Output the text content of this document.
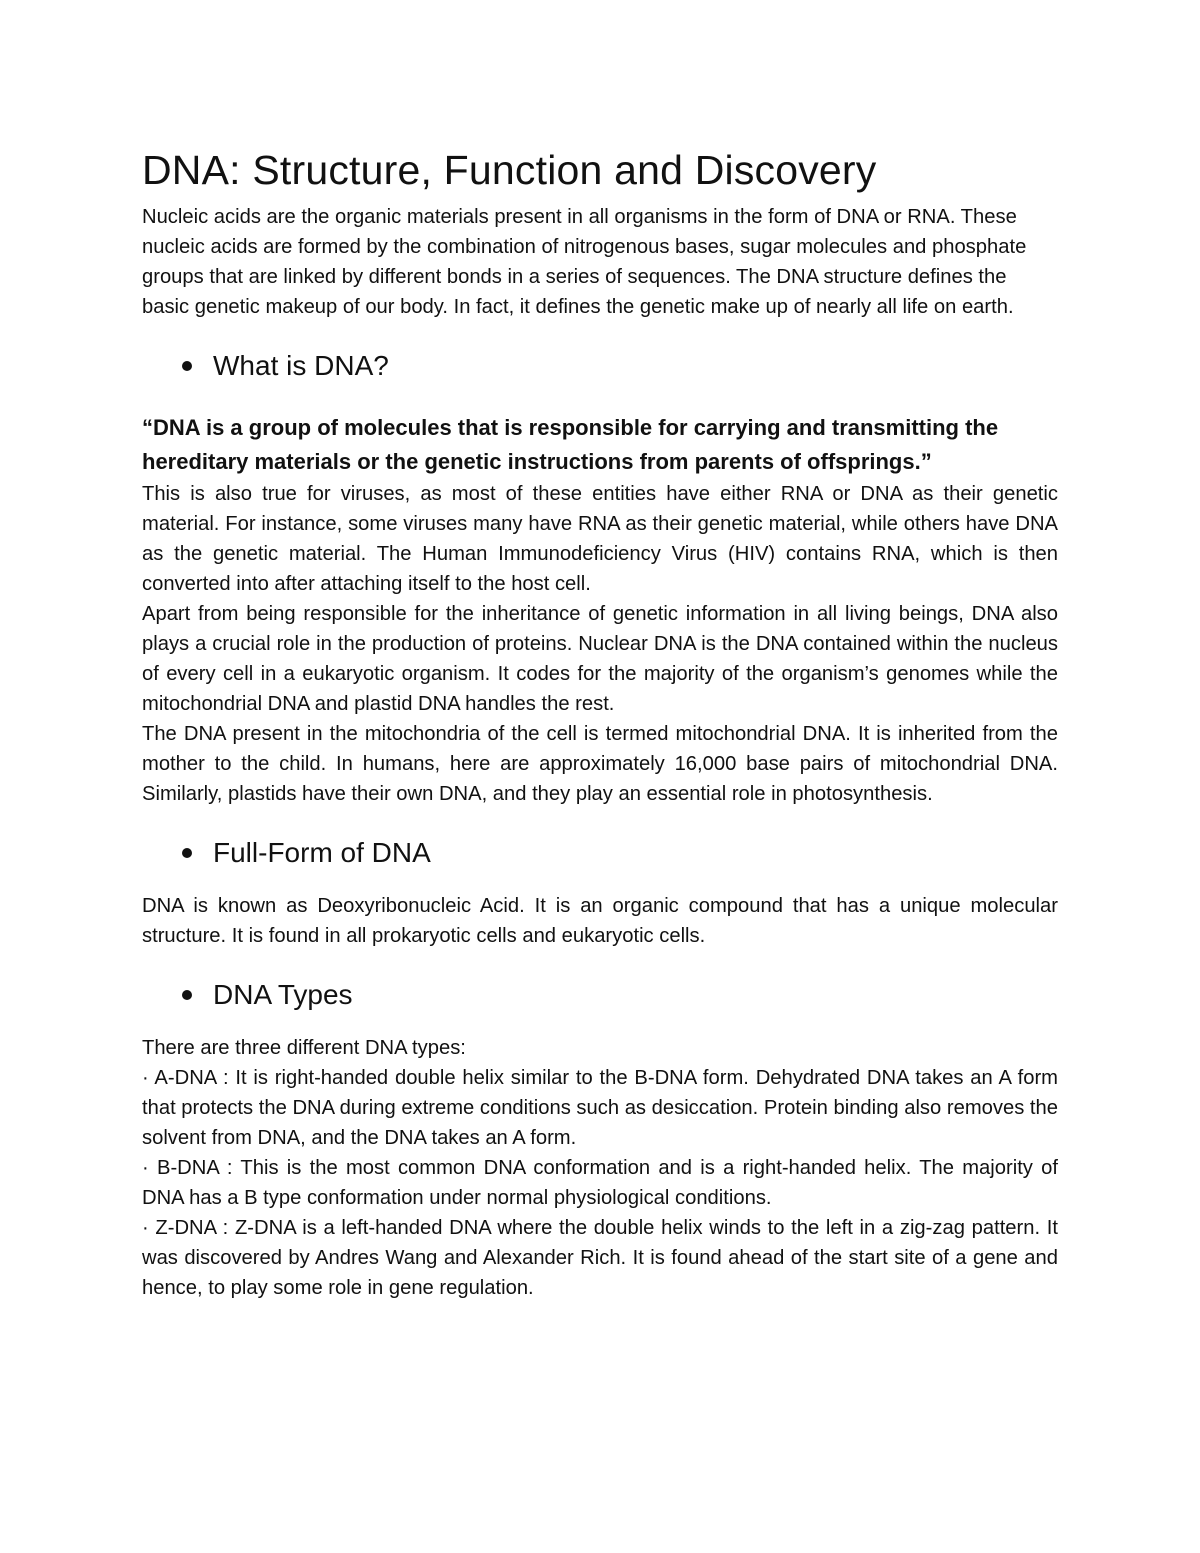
DNA: Structure, Function and Discovery

Nucleic acids are the organic materials present in all organisms in the form of DNA or RNA. These nucleic acids are formed by the combination of nitrogenous bases, sugar molecules and phosphate groups that are linked by different bonds in a series of sequences. The DNA structure defines the basic genetic makeup of our body. In fact, it defines the genetic make up of nearly all life on earth.

What is DNA?

“DNA is a group of molecules that is responsible for carrying and transmitting the hereditary materials or the genetic instructions from parents of offsprings.”

This is also true for viruses, as most of these entities have either RNA or DNA as their genetic material. For instance, some viruses many have RNA as their genetic material, while others have DNA as the genetic material. The Human Immunodeficiency Virus (HIV) contains RNA, which is then converted into after attaching itself to the host cell.

Apart from being responsible for the inheritance of genetic information in all living beings, DNA also plays a crucial role in the production of proteins. Nuclear DNA is the DNA contained within the nucleus of every cell in a eukaryotic organism. It codes for the majority of the organism’s genomes while the mitochondrial DNA and plastid DNA handles the rest.

The DNA present in the mitochondria of the cell is termed mitochondrial DNA. It is inherited from the mother to the child. In humans, here are approximately 16,000 base pairs of mitochondrial DNA. Similarly, plastids have their own DNA, and they play an essential role in photosynthesis.

Full-Form of DNA

DNA is known as Deoxyribonucleic Acid. It is an organic compound that has a unique molecular structure. It is found in all prokaryotic cells and eukaryotic cells.

DNA Types

There are three different DNA types:

· A-DNA : It is right-handed double helix similar to the B-DNA form. Dehydrated DNA takes an A form that protects the DNA during extreme conditions such as desiccation. Protein binding also removes the solvent from DNA, and the DNA takes an A form.

· B-DNA : This is the most common DNA conformation and is a right-handed helix. The majority of DNA has a B type conformation under normal physiological conditions.

· Z-DNA : Z-DNA is a left-handed DNA where the double helix winds to the left in a zig-zag pattern. It was discovered by Andres Wang and Alexander Rich. It is found ahead of the start site of a gene and hence, to play some role in gene regulation.
